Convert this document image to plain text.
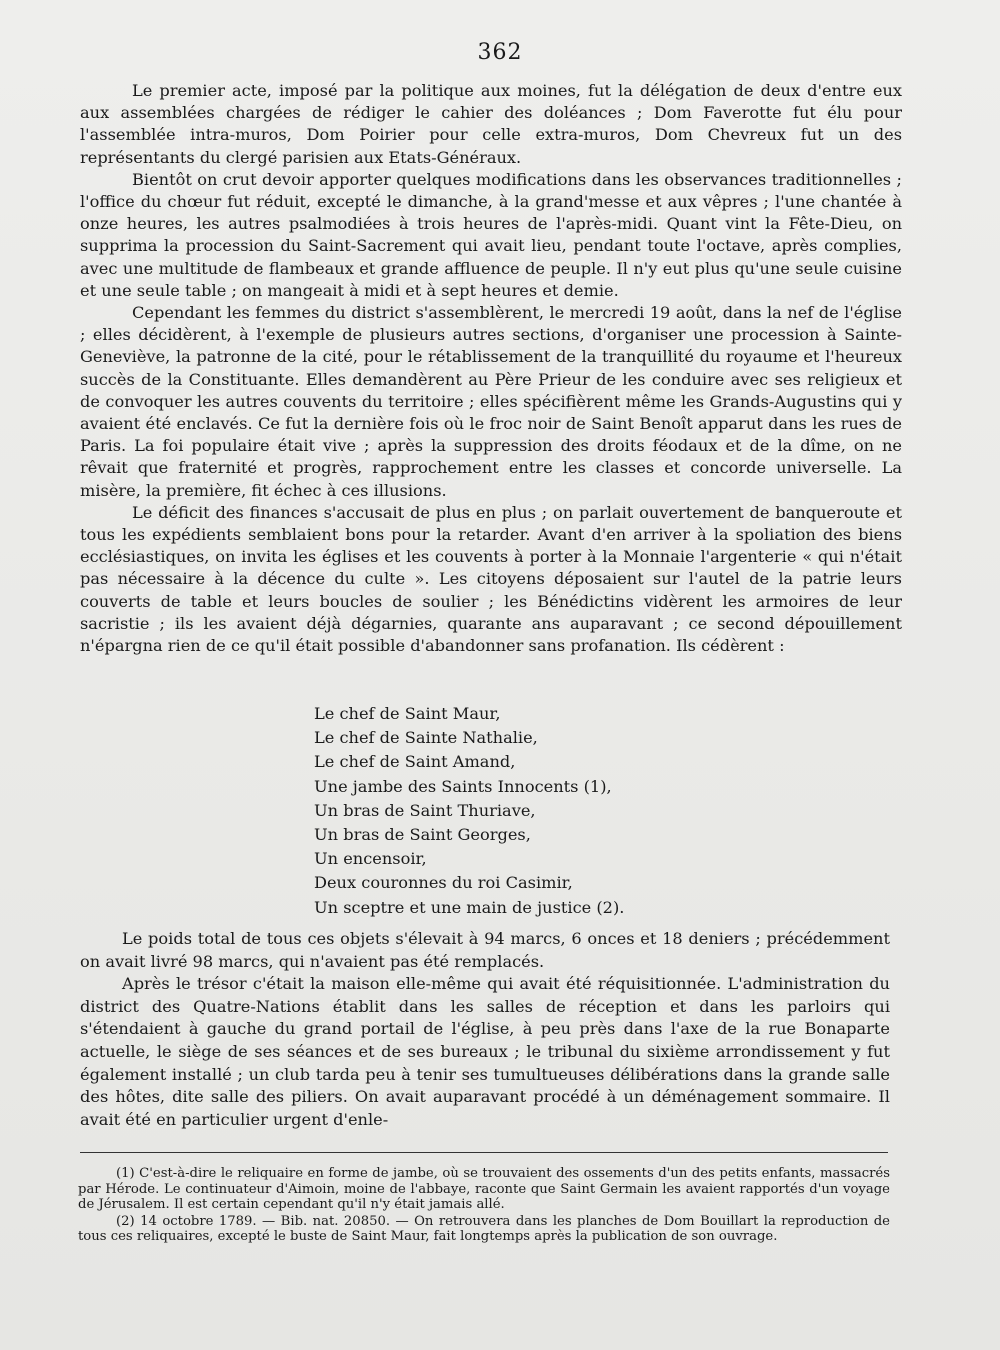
362

Le premier acte, imposé par la politique aux moines, fut la délégation de deux d'entre eux aux assemblées chargées de rédiger le cahier des doléances ; Dom Faverotte fut élu pour l'assemblée intra-muros, Dom Poirier pour celle extra-muros, Dom Chevreux fut un des représentants du clergé parisien aux Etats-Généraux.

Bientôt on crut devoir apporter quelques modifications dans les observances traditionnelles ; l'office du chœur fut réduit, excepté le dimanche, à la grand'messe et aux vêpres ; l'une chantée à onze heures, les autres psalmodiées à trois heures de l'après-midi. Quant vint la Fête-Dieu, on supprima la procession du Saint-Sacrement qui avait lieu, pendant toute l'octave, après complies, avec une multitude de flambeaux et grande affluence de peuple. Il n'y eut plus qu'une seule cuisine et une seule table ; on mangeait à midi et à sept heures et demie.

Cependant les femmes du district s'assemblèrent, le mercredi 19 août, dans la nef de l'église ; elles décidèrent, à l'exemple de plusieurs autres sections, d'organiser une procession à Sainte-Geneviève, la patronne de la cité, pour le rétablissement de la tranquillité du royaume et l'heureux succès de la Constituante. Elles demandèrent au Père Prieur de les conduire avec ses religieux et de convoquer les autres couvents du territoire ; elles spécifièrent même les Grands-Augustins qui y avaient été enclavés. Ce fut la dernière fois où le froc noir de Saint Benoît apparut dans les rues de Paris. La foi populaire était vive ; après la suppression des droits féodaux et de la dîme, on ne rêvait que fraternité et progrès, rapprochement entre les classes et concorde universelle. La misère, la première, fit échec à ces illusions.

Le déficit des finances s'accusait de plus en plus ; on parlait ouvertement de banqueroute et tous les expédients semblaient bons pour la retarder. Avant d'en arriver à la spoliation des biens ecclésiastiques, on invita les églises et les couvents à porter à la Monnaie l'argenterie « qui n'était pas nécessaire à la décence du culte ». Les citoyens déposaient sur l'autel de la patrie leurs couverts de table et leurs boucles de soulier ; les Bénédictins vidèrent les armoires de leur sacristie ; ils les avaient déjà dégarnies, quarante ans auparavant ; ce second dépouillement n'épargna rien de ce qu'il était possible d'abandonner sans profanation. Ils cédèrent :

Le chef de Saint Maur,
Le chef de Sainte Nathalie,
Le chef de Saint Amand,
Une jambe des Saints Innocents (1),
Un bras de Saint Thuriave,
Un bras de Saint Georges,
Un encensoir,
Deux couronnes du roi Casimir,
Un sceptre et une main de justice (2).

Le poids total de tous ces objets s'élevait à 94 marcs, 6 onces et 18 deniers ; précédemment on avait livré 98 marcs, qui n'avaient pas été remplacés.

Après le trésor c'était la maison elle-même qui avait été réquisitionnée. L'administration du district des Quatre-Nations établit dans les salles de réception et dans les parloirs qui s'étendaient à gauche du grand portail de l'église, à peu près dans l'axe de la rue Bonaparte actuelle, le siège de ses séances et de ses bureaux ; le tribunal du sixième arrondissement y fut également installé ; un club tarda peu à tenir ses tumultueuses délibérations dans la grande salle des hôtes, dite salle des piliers. On avait auparavant procédé à un déménagement sommaire. Il avait été en particulier urgent d'enle-

(1) C'est-à-dire le reliquaire en forme de jambe, où se trouvaient des ossements d'un des petits enfants, massacrés par Hérode. Le continuateur d'Aimoin, moine de l'abbaye, raconte que Saint Germain les avaient rapportés d'un voyage de Jérusalem. Il est certain cependant qu'il n'y était jamais allé.

(2) 14 octobre 1789. — Bib. nat. 20850. — On retrouvera dans les planches de Dom Bouillart la reproduction de tous ces reliquaires, excepté le buste de Saint Maur, fait longtemps après la publication de son ouvrage.
